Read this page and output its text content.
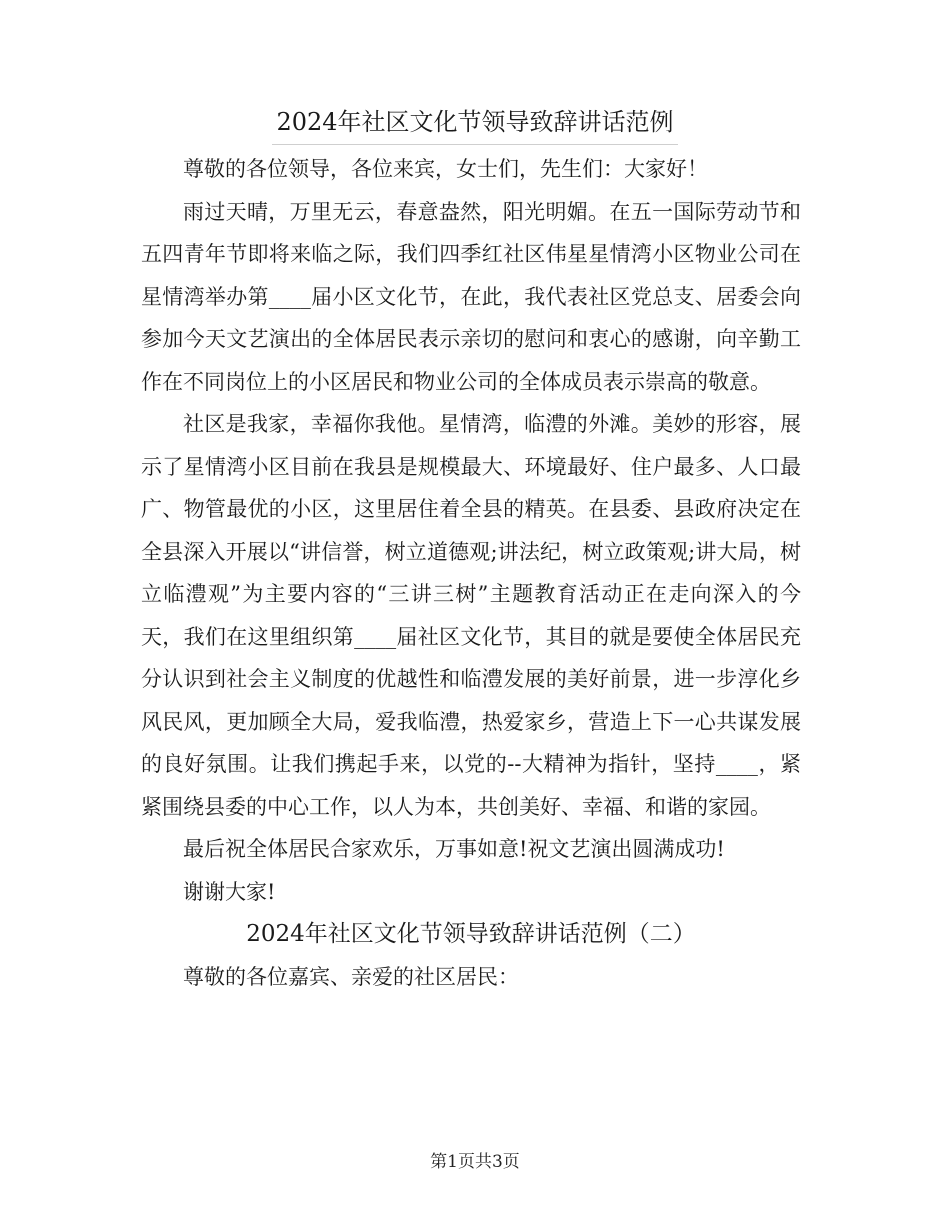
2024年社区文化节领导致辞讲话范例

尊敬的各位领导，各位来宾，女士们，先生们：大家好！

雨过天晴，万里无云，春意盎然，阳光明媚。在五一国际劳动节和五四青年节即将来临之际，我们四季红社区伟星星情湾小区物业公司在星情湾举办第____届小区文化节，在此，我代表社区党总支、居委会向参加今天文艺演出的全体居民表示亲切的慰问和衷心的感谢，向辛勤工作在不同岗位上的小区居民和物业公司的全体成员表示崇高的敬意。

社区是我家，幸福你我他。星情湾，临澧的外滩。美妙的形容，展示了星情湾小区目前在我县是规模最大、环境最好、住户最多、人口最广、物管最优的小区，这里居住着全县的精英。在县委、县政府决定在全县深入开展以“讲信誉，树立道德观;讲法纪，树立政策观;讲大局，树立临澧观”为主要内容的“三讲三树”主题教育活动正在走向深入的今天，我们在这里组织第____届社区文化节，其目的就是要使全体居民充分认识到社会主义制度的优越性和临澧发展的美好前景，进一步淳化乡风民风，更加顾全大局，爱我临澧，热爱家乡，营造上下一心共谋发展的良好氛围。让我们携起手来，以党的--大精神为指针，坚持____，紧紧围绕县委的中心工作，以人为本，共创美好、幸福、和谐的家园。

最后祝全体居民合家欢乐，万事如意!祝文艺演出圆满成功!

谢谢大家!

2024年社区文化节领导致辞讲话范例（二）

尊敬的各位嘉宾、亲爱的社区居民：

第1页共3页
